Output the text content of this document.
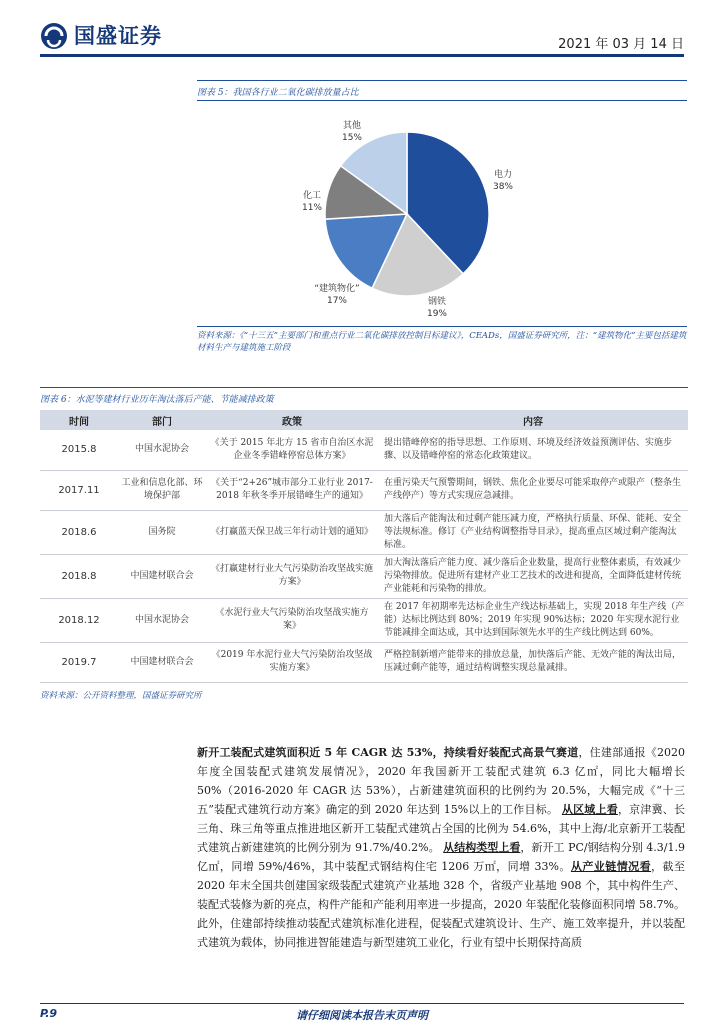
国盛证券	2021 年 03 月 14 日
图表 5：我国各行业二氧化碳排放量占比
电力
38%
钢铁
19%
“建筑物化”
17%
化工
11%
其他
15%
资料来源：《“十三五”主要部门和重点行业二氧化碳排放控制目标建议》，CEADs，国盛证券研究所，注：“建筑物化”主要包括建筑材料生产与建筑施工阶段
图表 6：水泥等建材行业历年淘汰落后产能、节能减排政策
时间	部门	政策	内容
2015.8	中国水泥协会	《关于 2015 年北方 15 省市自治区水泥企业冬季错峰停窑总体方案》	提出错峰停窑的指导思想、工作原则、环境及经济效益预测评估、实施步骤、以及错峰停窑的常态化政策建议。
2017.11	工业和信息化部、环境保护部	《关于“2+26”城市部分工业行业 2017-2018 年秋冬季开展错峰生产的通知》	在重污染天气预警期间，钢铁、焦化企业要尽可能采取停产或限产（整条生产线停产）等方式实现应急减排。
2018.6	国务院	《打赢蓝天保卫战三年行动计划的通知》	加大落后产能淘汰和过剩产能压减力度，严格执行质量、环保、能耗、安全等法规标准。修订《产业结构调整指导目录》，提高重点区域过剩产能淘汰标准。
2018.8	中国建材联合会	《打赢建材行业大气污染防治攻坚战实施方案》	加大淘汰落后产能力度、减少落后企业数量，提高行业整体素质，有效减少污染物排放。促进所有建材产业工艺技术的改进和提高，全面降低建材传统产业能耗和污染物的排放。
2018.12	中国水泥协会	《水泥行业大气污染防治攻坚战实施方案》	在 2017 年初期率先达标企业生产线达标基础上，实现 2018 年生产线（产能）达标比例达到 80%；2019 年实现 90%达标；2020 年实现水泥行业节能减排全面达成，其中达到国际领先水平的生产线比例达到 60%。
2019.7	中国建材联合会	《2019 年水泥行业大气污染防治攻坚战实施方案》	严格控制新增产能带来的排放总量，加快落后产能、无效产能的淘汰出局，压减过剩产能等，通过结构调整实现总量减排。
资料来源：公开资料整理，国盛证券研究所
新开工装配式建筑面积近 5 年 CAGR 达 53%，持续看好装配式高景气赛道，住建部通报《2020 年度全国装配式建筑发展情况》，2020 年我国新开工装配式建筑 6.3 亿㎡，同比大幅增长 50%（2016-2020 年 CAGR 达 53%），占新建建筑面积的比例约为 20.5%，大幅完成《“十三五”装配式建筑行动方案》确定的到 2020 年达到 15%以上的工作目标。 从区域上看，京津冀、长三角、珠三角等重点推进地区新开工装配式建筑占全国的比例为 54.6%，其中上海/北京新开工装配式建筑占新建建筑的比例分别为 91.7%/40.2%。 从结构类型上看，新开工 PC/钢结构分别 4.3/1.9 亿㎡，同增 59%/46%，其中装配式钢结构住宅 1206 万㎡，同增 33%。从产业链情况看，截至 2020 年末全国共创建国家级装配式建筑产业基地 328 个，省级产业基地 908 个，其中构件生产、装配式装修为新的亮点，构件产能和产能利用率进一步提高，2020 年装配化装修面积同增 58.7%。此外，住建部持续推动装配式建筑标准化进程，促装配式建筑设计、生产、施工效率提升，并以装配式建筑为载体，协同推进智能建造与新型建筑工业化，行业有望中长期保持高质
P.9	请仔细阅读本报告末页声明
